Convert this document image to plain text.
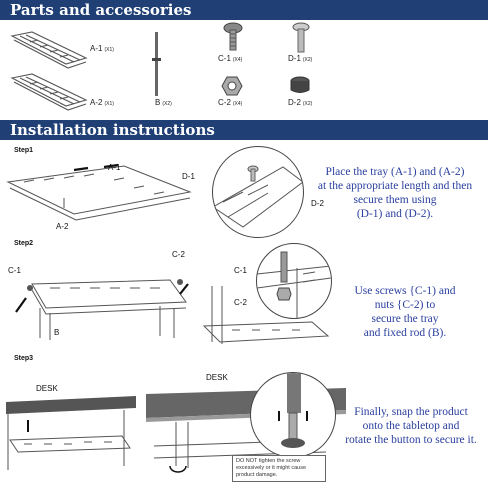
Parts and accessories
A-1 (X1)
A-2 (X1)	B (X2)
C-1 (X4)
C-2 (X4)
D-1 (X2)
D-2 (X2)
Installation instructions
Step1
A-1
A-2
D-1
D-2
Place the tray (A-1) and (A-2)
at the appropriate length and then
secure them using
(D-1) and (D-2).
Step2
C-1
C-2
B
C-1
C-2
Use screws {C-1) and
nuts {C-2) to
secure the tray
and fixed rod (B).
Step3
DESK
DESK
DO NOT tighten the screw excessively or it might cause product damage.
Finally, snap the product
onto the tabletop and
rotate the button to secure it.
